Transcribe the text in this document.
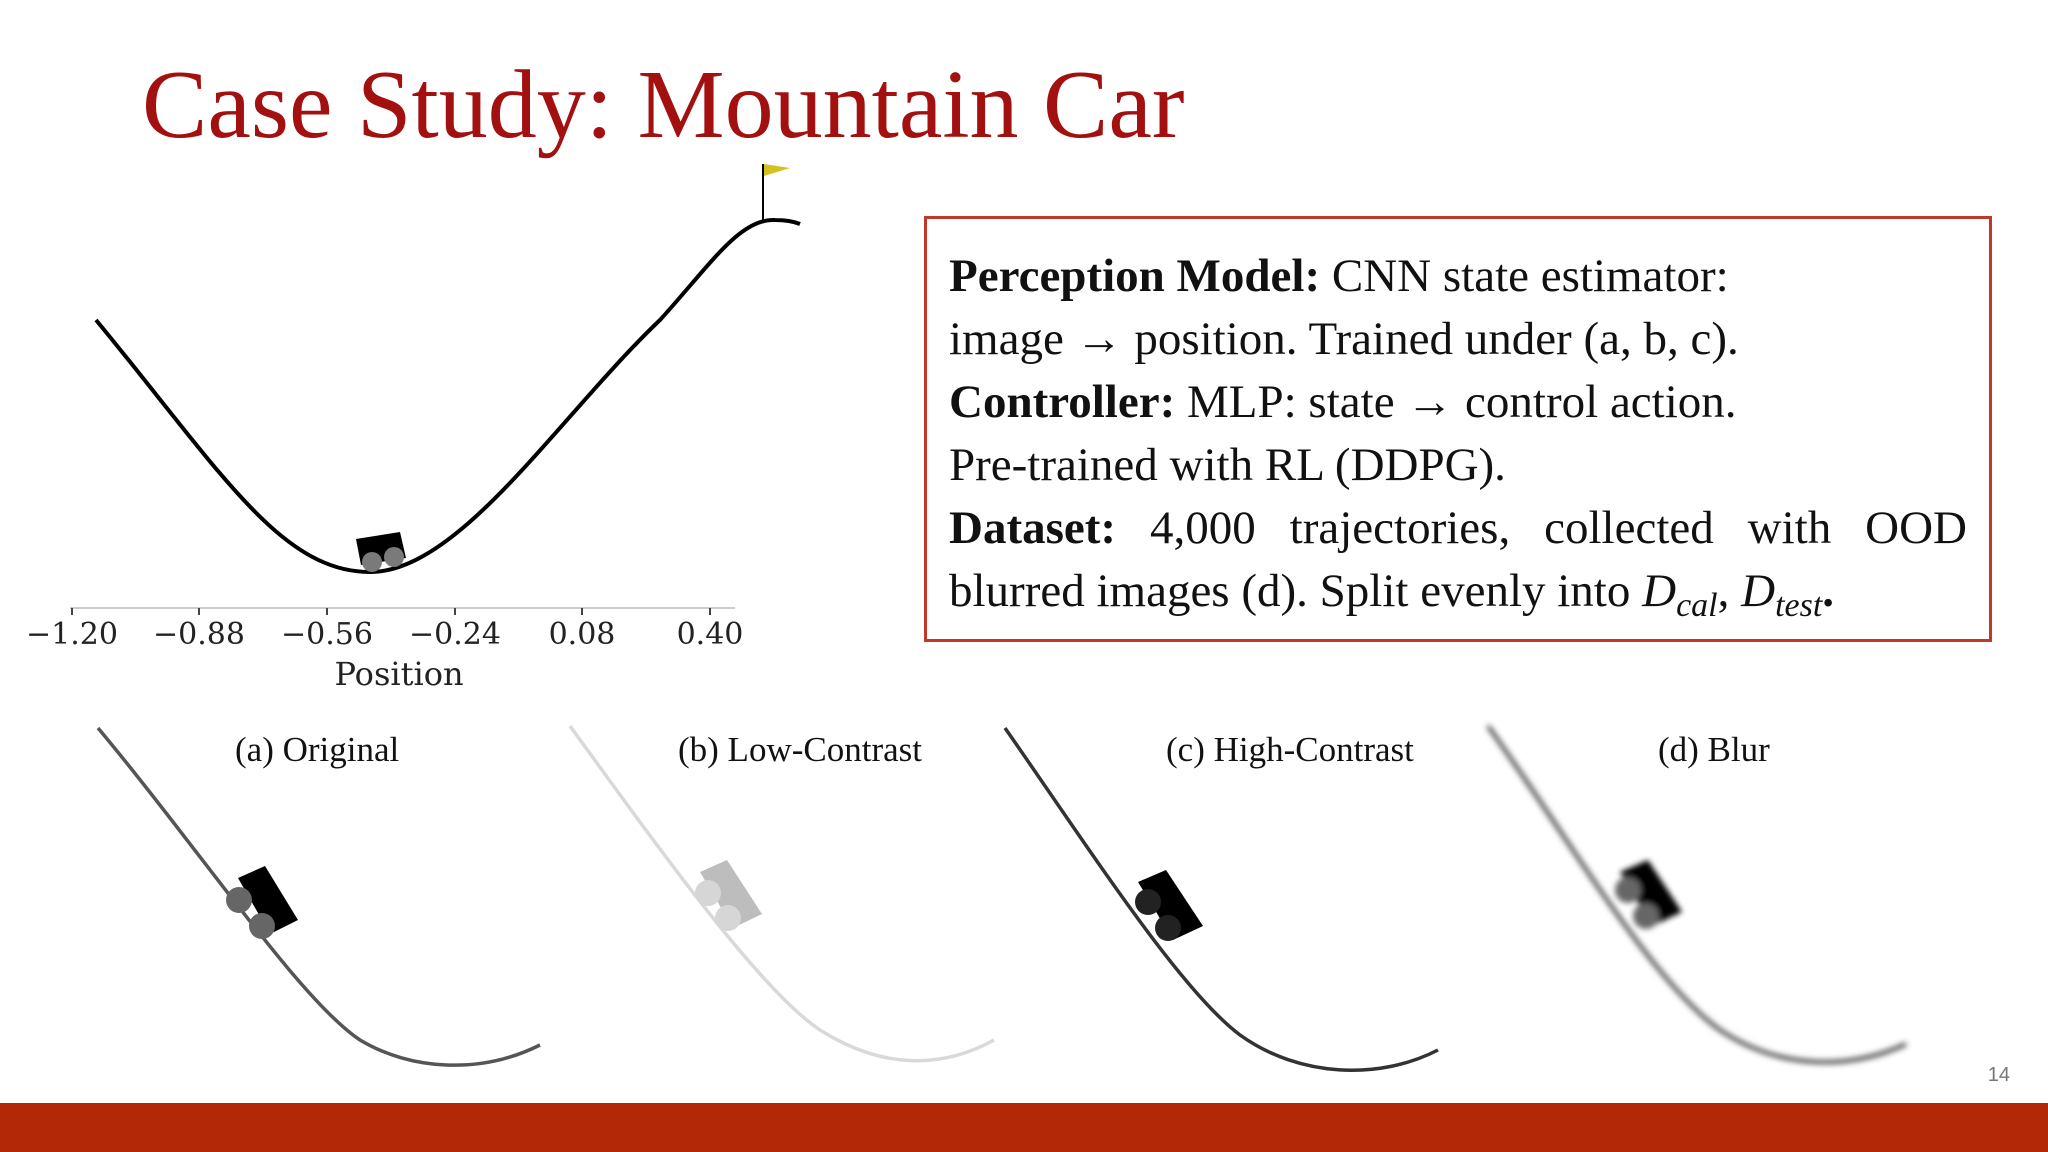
Case Study: Mountain Car
−1.20 −0.88 −0.56 −0.24 0.08 0.40
Position
Perception Model: CNN state estimator:
image → position. Trained under (a, b, c).
Controller: MLP: state → control action.
Pre-trained with RL (DDPG).
Dataset: 4,000 trajectories, collected with OOD
blurred images (d). Split evenly into $D_{cal}$, $D_{test}$.
(a) Original	(b) Low-Contrast	(c) High-Contrast	(d) Blur
14
